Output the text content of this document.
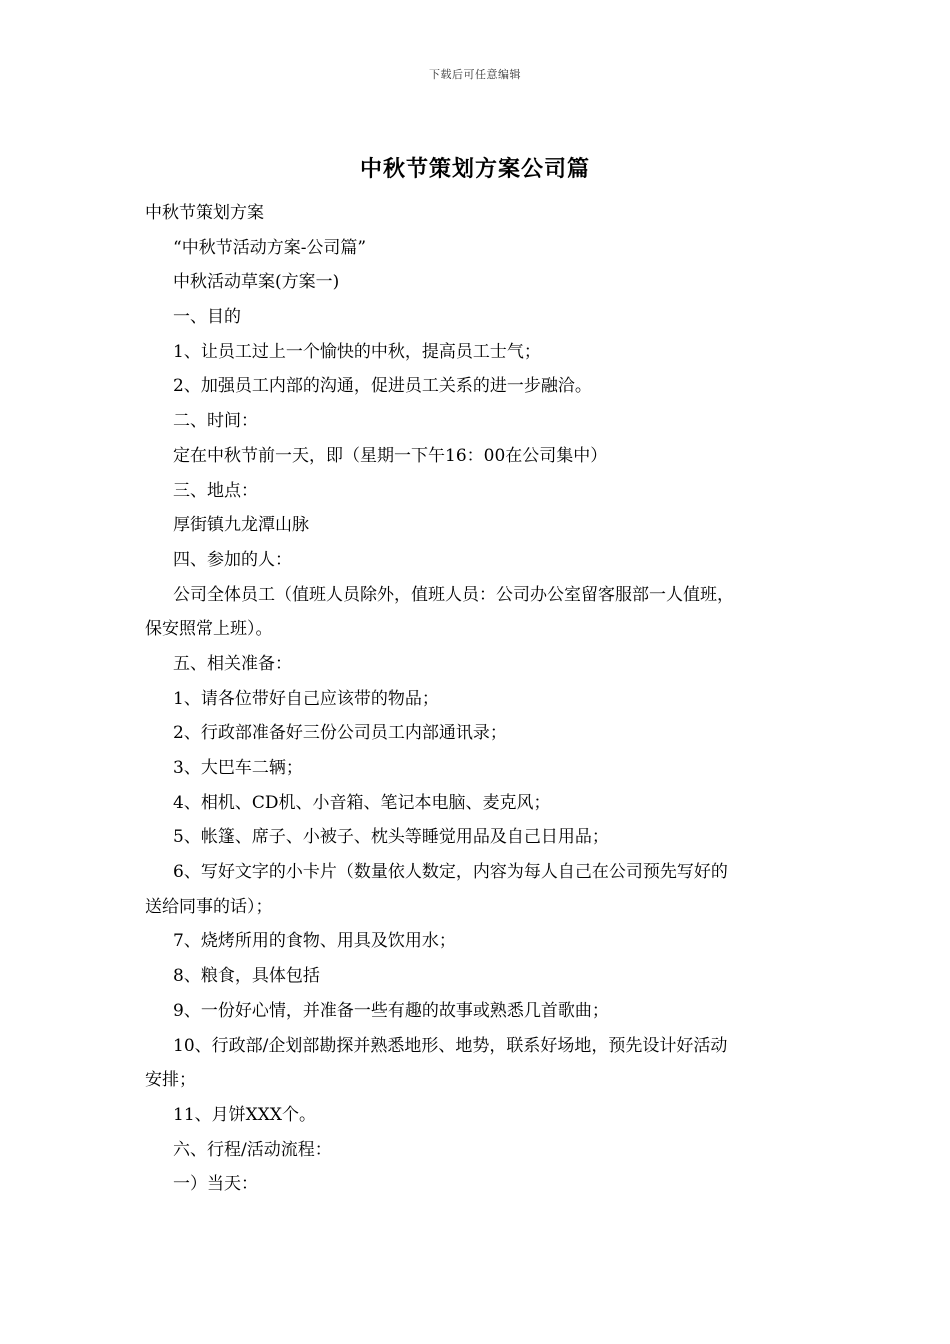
下载后可任意编辑
中秋节策划方案公司篇
中秋节策划方案
“中秋节活动方案-公司篇”
中秋活动草案(方案一)
一、目的
1、让员工过上一个愉快的中秋，提高员工士气；
2、加强员工内部的沟通，促进员工关系的进一步融洽。
二、时间：
定在中秋节前一天，即（星期一下午16：00在公司集中）
三、地点：
厚街镇九龙潭山脉
四、参加的人：
公司全体员工（值班人员除外，值班人员：公司办公室留客服部一人值班，
保安照常上班）。
五、相关准备：
1、请各位带好自己应该带的物品；
2、行政部准备好三份公司员工内部通讯录；
3、大巴车二辆；
4、相机、CD机、小音箱、笔记本电脑、麦克风；
5、帐篷、席子、小被子、枕头等睡觉用品及自己日用品；
6、写好文字的小卡片（数量依人数定，内容为每人自己在公司预先写好的
送给同事的话）；
7、烧烤所用的食物、用具及饮用水；
8、粮食，具体包括
9、一份好心情，并准备一些有趣的故事或熟悉几首歌曲；
10、行政部/企划部勘探并熟悉地形、地势，联系好场地，预先设计好活动
安排；
11、月饼XXX个。
六、行程/活动流程：
一）当天：
